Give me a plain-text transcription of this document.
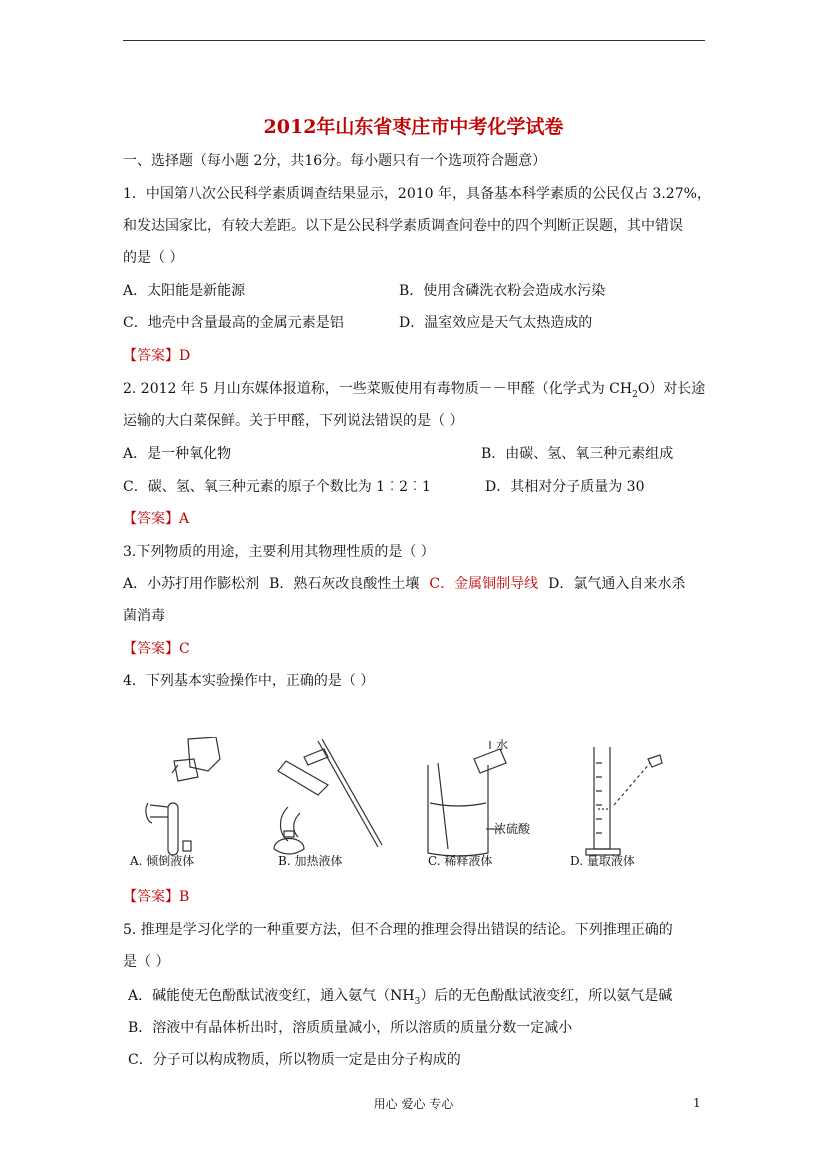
2012年山东省枣庄市中考化学试卷
一、选择题（每小题 2分，共16分。每小题只有一个选项符合题意）
1．中国第八次公民科学素质调查结果显示，2010 年，具备基本科学素质的公民仅占 3.27%，
和发达国家比，有较大差距。以下是公民科学素质调查问卷中的四个判断正误题，其中错误
的是（ ）
A．太阳能是新能源	B．使用含磷洗衣粉会造成水污染
C．地壳中含量最高的金属元素是铝	D．温室效应是天气太热造成的
【答案】D
2. 2012 年 5 月山东媒体报道称，一些菜贩使用有毒物质－－甲醛（化学式为 $CH_2O$）对长途
运输的大白菜保鲜。关于甲醛，下列说法错误的是（ ）
A．是一种氧化物	B．由碳、氢、氧三种元素组成
C．碳、氢、氧三种元素的原子个数比为 1︰2︰1	D．其相对分子质量为 30
【答案】A
3.下列物质的用途，主要利用其物理性质的是（ ）
A．小苏打用作膨松剂 B．熟石灰改良酸性土壤 C．金属铜制导线 D．氯气通入自来水杀
菌消毒
【答案】C
4．下列基本实验操作中，正确的是（ ）
水
浓硫酸
A. 倾倒液体	B. 加热液体	C. 稀释液体	D. 量取液体
【答案】B
5. 推理是学习化学的一种重要方法，但不合理的推理会得出错误的结论。下列推理正确的
是（ ）
A．碱能使无色酚酞试液变红，通入氨气$(NH_3)$后的无色酚酞试液变红，所以氨气是碱
B．溶液中有晶体析出时，溶质质量减小，所以溶质的质量分数一定减小
C．分子可以构成物质，所以物质一定是由分子构成的
用心 爱心 专心	1
